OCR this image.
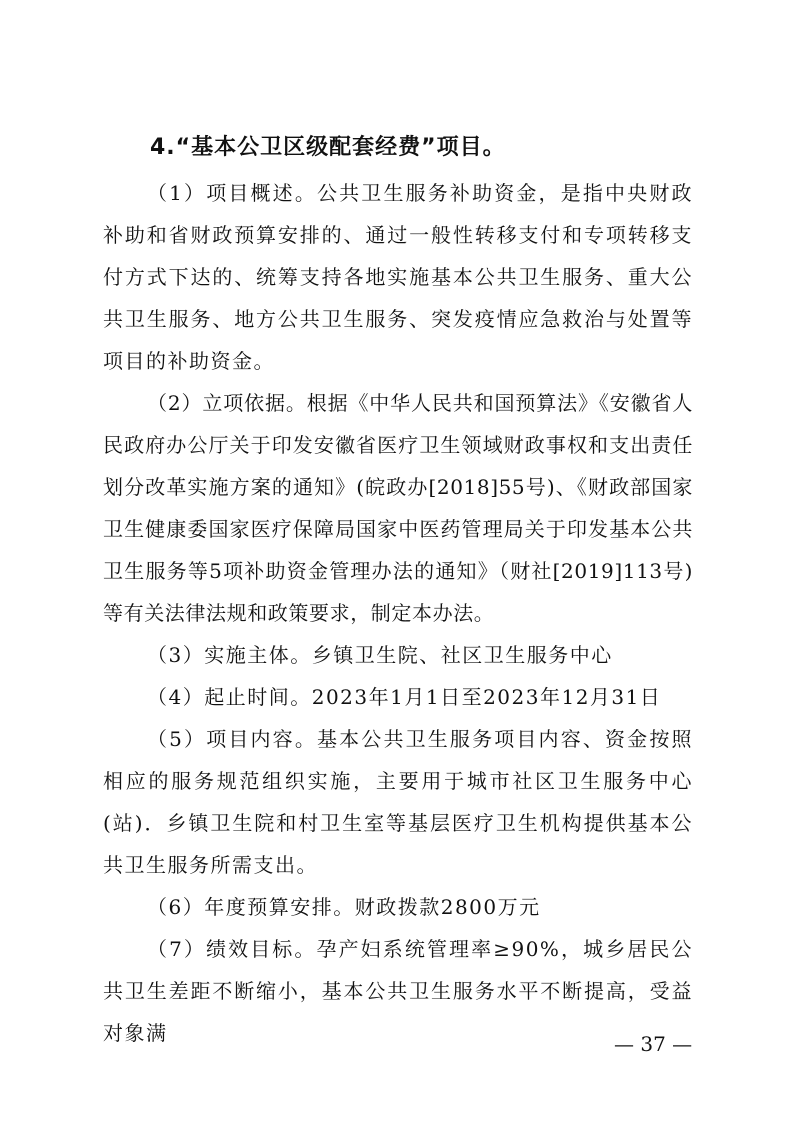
4.“基本公卫区级配套经费”项目。

（1）项目概述。公共卫生服务补助资金，是指中央财政补助和省财政预算安排的、通过一般性转移支付和专项转移支付方式下达的、统筹支持各地实施基本公共卫生服务、重大公共卫生服务、地方公共卫生服务、突发疫情应急救治与处置等项目的补助资金。

（2）立项依据。根据《中华人民共和国预算法》《安徽省人民政府办公厅关于印发安徽省医疗卫生领域财政事权和支出责任划分改革实施方案的通知》(皖政办[2018]55号)、《财政部国家卫生健康委国家医疗保障局国家中医药管理局关于印发基本公共卫生服务等5项补助资金管理办法的通知》（财社[2019]113号)等有关法律法规和政策要求，制定本办法。

（3）实施主体。乡镇卫生院、社区卫生服务中心

（4）起止时间。2023年1月1日至2023年12月31日

（5）项目内容。基本公共卫生服务项目内容、资金按照相应的服务规范组织实施，主要用于城市社区卫生服务中心(站)．乡镇卫生院和村卫生室等基层医疗卫生机构提供基本公共卫生服务所需支出。

（6）年度预算安排。财政拨款2800万元

（7）绩效目标。孕产妇系统管理率≥90%，城乡居民公共卫生差距不断缩小，基本公共卫生服务水平不断提高，受益对象满	— 37 —
